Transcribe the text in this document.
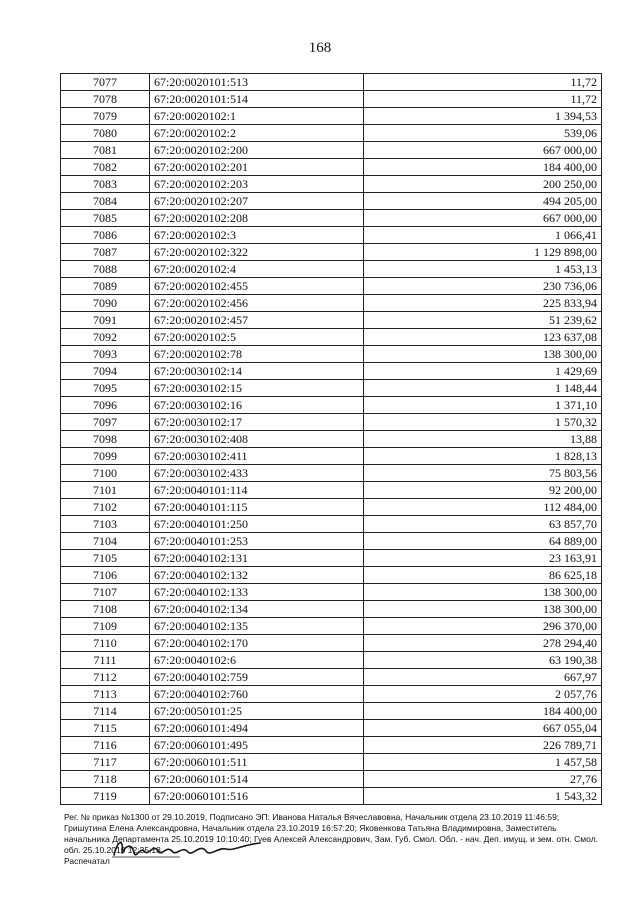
168
7077	67:20:0020101:513	11,72
7078	67:20:0020101:514	11,72
7079	67:20:0020102:1	1 394,53
7080	67:20:0020102:2	539,06
7081	67:20:0020102:200	667 000,00
7082	67:20:0020102:201	184 400,00
7083	67:20:0020102:203	200 250,00
7084	67:20:0020102:207	494 205,00
7085	67:20:0020102:208	667 000,00
7086	67:20:0020102:3	1 066,41
7087	67:20:0020102:322	1 129 898,00
7088	67:20:0020102:4	1 453,13
7089	67:20:0020102:455	230 736,06
7090	67:20:0020102:456	225 833,94
7091	67:20:0020102:457	51 239,62
7092	67:20:0020102:5	123 637,08
7093	67:20:0020102:78	138 300,00
7094	67:20:0030102:14	1 429,69
7095	67:20:0030102:15	1 148,44
7096	67:20:0030102:16	1 371,10
7097	67:20:0030102:17	1 570,32
7098	67:20:0030102:408	13,88
7099	67:20:0030102:411	1 828,13
7100	67:20:0030102:433	75 803,56
7101	67:20:0040101:114	92 200,00
7102	67:20:0040101:115	112 484,00
7103	67:20:0040101:250	63 857,70
7104	67:20:0040101:253	64 889,00
7105	67:20:0040102:131	23 163,91
7106	67:20:0040102:132	86 625,18
7107	67:20:0040102:133	138 300,00
7108	67:20:0040102:134	138 300,00
7109	67:20:0040102:135	296 370,00
7110	67:20:0040102:170	278 294,40
7111	67:20:0040102:6	63 190,38
7112	67:20:0040102:759	667,97
7113	67:20:0040102:760	2 057,76
7114	67:20:0050101:25	184 400,00
7115	67:20:0060101:494	667 055,04
7116	67:20:0060101:495	226 789,71
7117	67:20:0060101:511	1 457,58
7118	67:20:0060101:514	27,76
7119	67:20:0060101:516	1 543,32
Рег. № приказ №1300 от 29.10.2019, Подписано ЭП: Иванова Наталья Вячеславовна, Начальник отдела 23.10.2019 11:46:59; Гришутина Елена Александровна, Начальник отдела 23.10.2019 16:57:20; Яковенкова Татьяна Владимировна, Заместитель начальника Департамента 25.10.2019 10:10:40; Гуев Алексей Александрович, Зам. Губ. Смол. Обл. - нач. Деп. имущ. и зем. отн. Смол. обл. 25.10.2019 12:35:18,
Распечатал
